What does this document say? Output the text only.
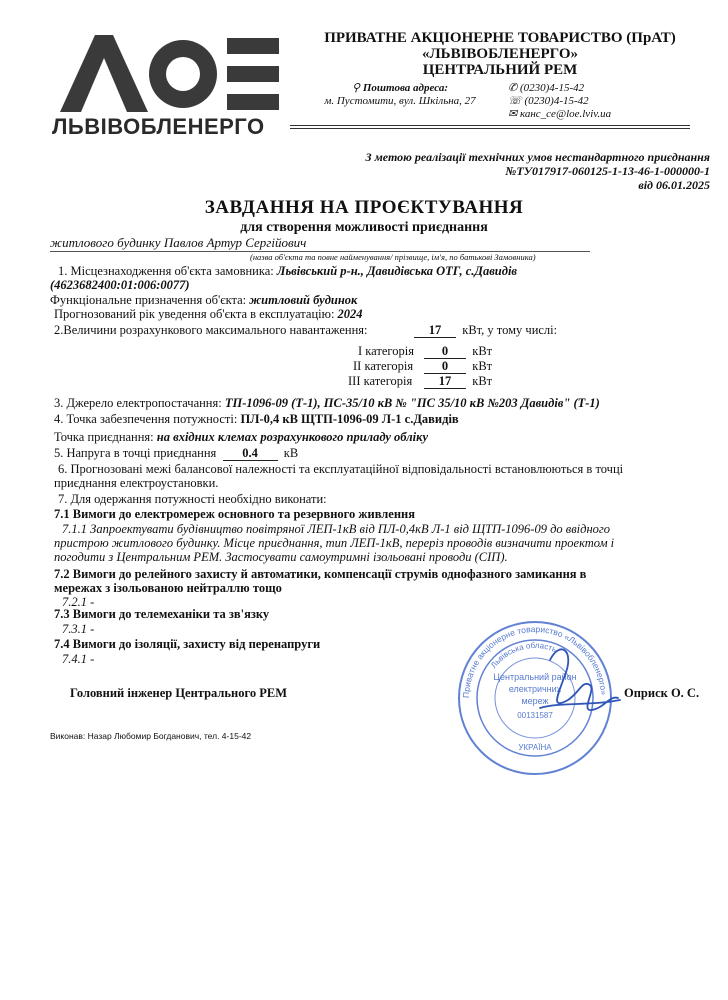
ЛЬВІВОБЛЕНЕРГО
ПРИВАТНЕ АКЦІОНЕРНЕ ТОВАРИСТВО (ПрАТ)
«ЛЬВІВОБЛЕНЕРГО»
ЦЕНТРАЛЬНИЙ РЕМ
⚲ Поштова адреса:
м. Пустомити, вул. Шкільна, 27
✆ (0230)4-15-42
☏ (0230)4-15-42
✉ канс_ce@loe.lviv.ua
З метою реалізації технічних умов нестандартного приєднання
№ТУ017917-060125-1-13-46-1-000000-1
від 06.01.2025
ЗАВДАННЯ НА ПРОЄКТУВАННЯ
для створення можливості приєднання
житлового будинку Павлов Артур Сергійович
(назва об'єкта та повне найменування/ прізвище, ім'я, по батькові Замовника)
1. Місцезнаходження об'єкта замовника: Львівський р-н., Давидівська ОТГ, с.Давидів
(4623682400:01:006:0077)
Функціональне призначення об'єкта: житловий будинок
Прогнозований рік уведення об'єкта в експлуатацію: 2024
2.Величини розрахункового максимального навантаження:	17 кВт, у тому числі:
І категорія 0 кВт
ІІ категорія 0 кВт
ІІІ категорія 17 кВт
3. Джерело електропостачання: ТП-1096-09 (Т-1), ПС-35/10 кВ № "ПС 35/10 кВ №203 Давидів" (Т-1)
4. Точка забезпечення потужності: ПЛ-0,4 кВ ЩТП-1096-09 Л-1 с.Давидів
Точка приєднання: на вхідних клемах розрахункового приладу обліку
5. Напруга в точці приєднання 0.4 кВ
6. Прогнозовані межі балансової належності та експлуатаційної відповідальності встановлюються в точці
приєднання електроустановки.
7. Для одержання потужності необхідно виконати:
7.1 Вимоги до електромереж основного та резервного живлення
7.1.1 Запроектувати будівництво повітряної ЛЕП-1кВ від ПЛ-0,4кВ Л-1 від ЩТП-1096-09 до ввідного
пристрою житлового будинку. Місце приєднання, тип ЛЕП-1кВ, переріз проводів визначити проектом і
погодити з Центральним РЕМ. Застосувати самоутримні ізольовані проводи (СІП).
7.2 Вимоги до релейного захисту й автоматики, компенсації струмів однофазного замикання в
мережах з ізольованою нейтраллю тощо
7.2.1 -
7.3 Вимоги до телемеханіки та зв'язку
7.3.1 -
7.4 Вимоги до ізоляції, захисту від перенапруги
7.4.1 -
Приватне акціонерне товариство «Львівобленерго»
Львівська область
Центральний район
електричних
мереж
00131587
УКРАЇНА
Головний інженер Центрального РЕМ	Оприск О. С.
Виконав: Назар Любомир Богданович, тел. 4-15-42
